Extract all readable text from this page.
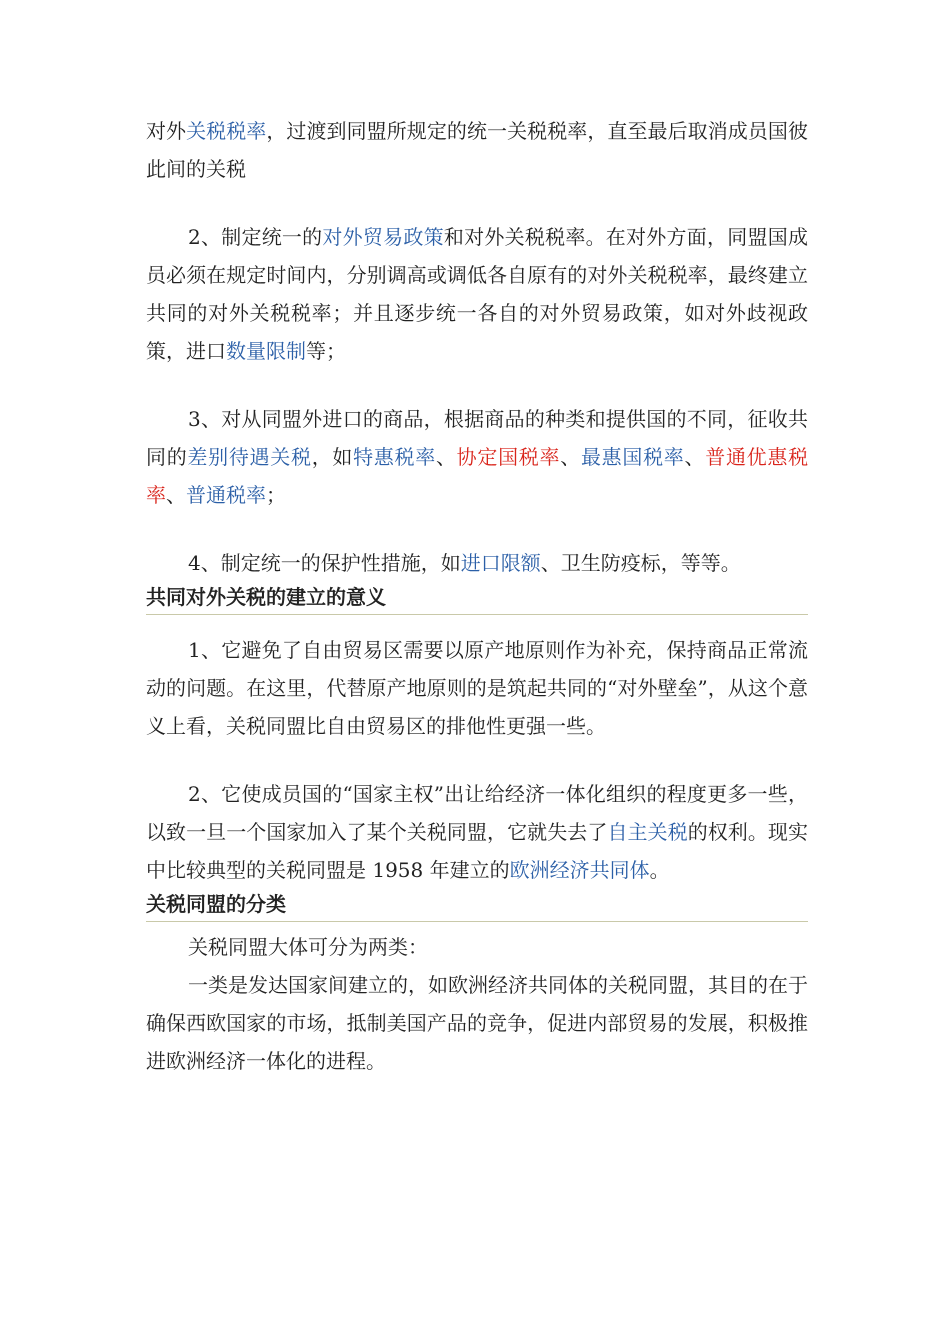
对外关税税率，过渡到同盟所规定的统一关税税率，直至最后取消成员国彼此间的关税

2、制定统一的对外贸易政策和对外关税税率。在对外方面，同盟国成员必须在规定时间内，分别调高或调低各自原有的对外关税税率，最终建立共同的对外关税税率；并且逐步统一各自的对外贸易政策，如对外歧视政策，进口数量限制等；

3、对从同盟外进口的商品，根据商品的种类和提供国的不同，征收共同的差别待遇关税，如特惠税率、协定国税率、最惠国税率、普通优惠税率、普通税率；

4、制定统一的保护性措施，如进口限额、卫生防疫标，等等。

共同对外关税的建立的意义

1、它避免了自由贸易区需要以原产地原则作为补充，保持商品正常流动的问题。在这里，代替原产地原则的是筑起共同的“对外壁垒”，从这个意义上看，关税同盟比自由贸易区的排他性更强一些。

2、它使成员国的“国家主权”出让给经济一体化组织的程度更多一些，以致一旦一个国家加入了某个关税同盟，它就失去了自主关税的权利。现实中比较典型的关税同盟是 1958 年建立的欧洲经济共同体。

关税同盟的分类

关税同盟大体可分为两类：

一类是发达国家间建立的，如欧洲经济共同体的关税同盟，其目的在于确保西欧国家的市场，抵制美国产品的竞争，促进内部贸易的发展，积极推进欧洲经济一体化的进程。
